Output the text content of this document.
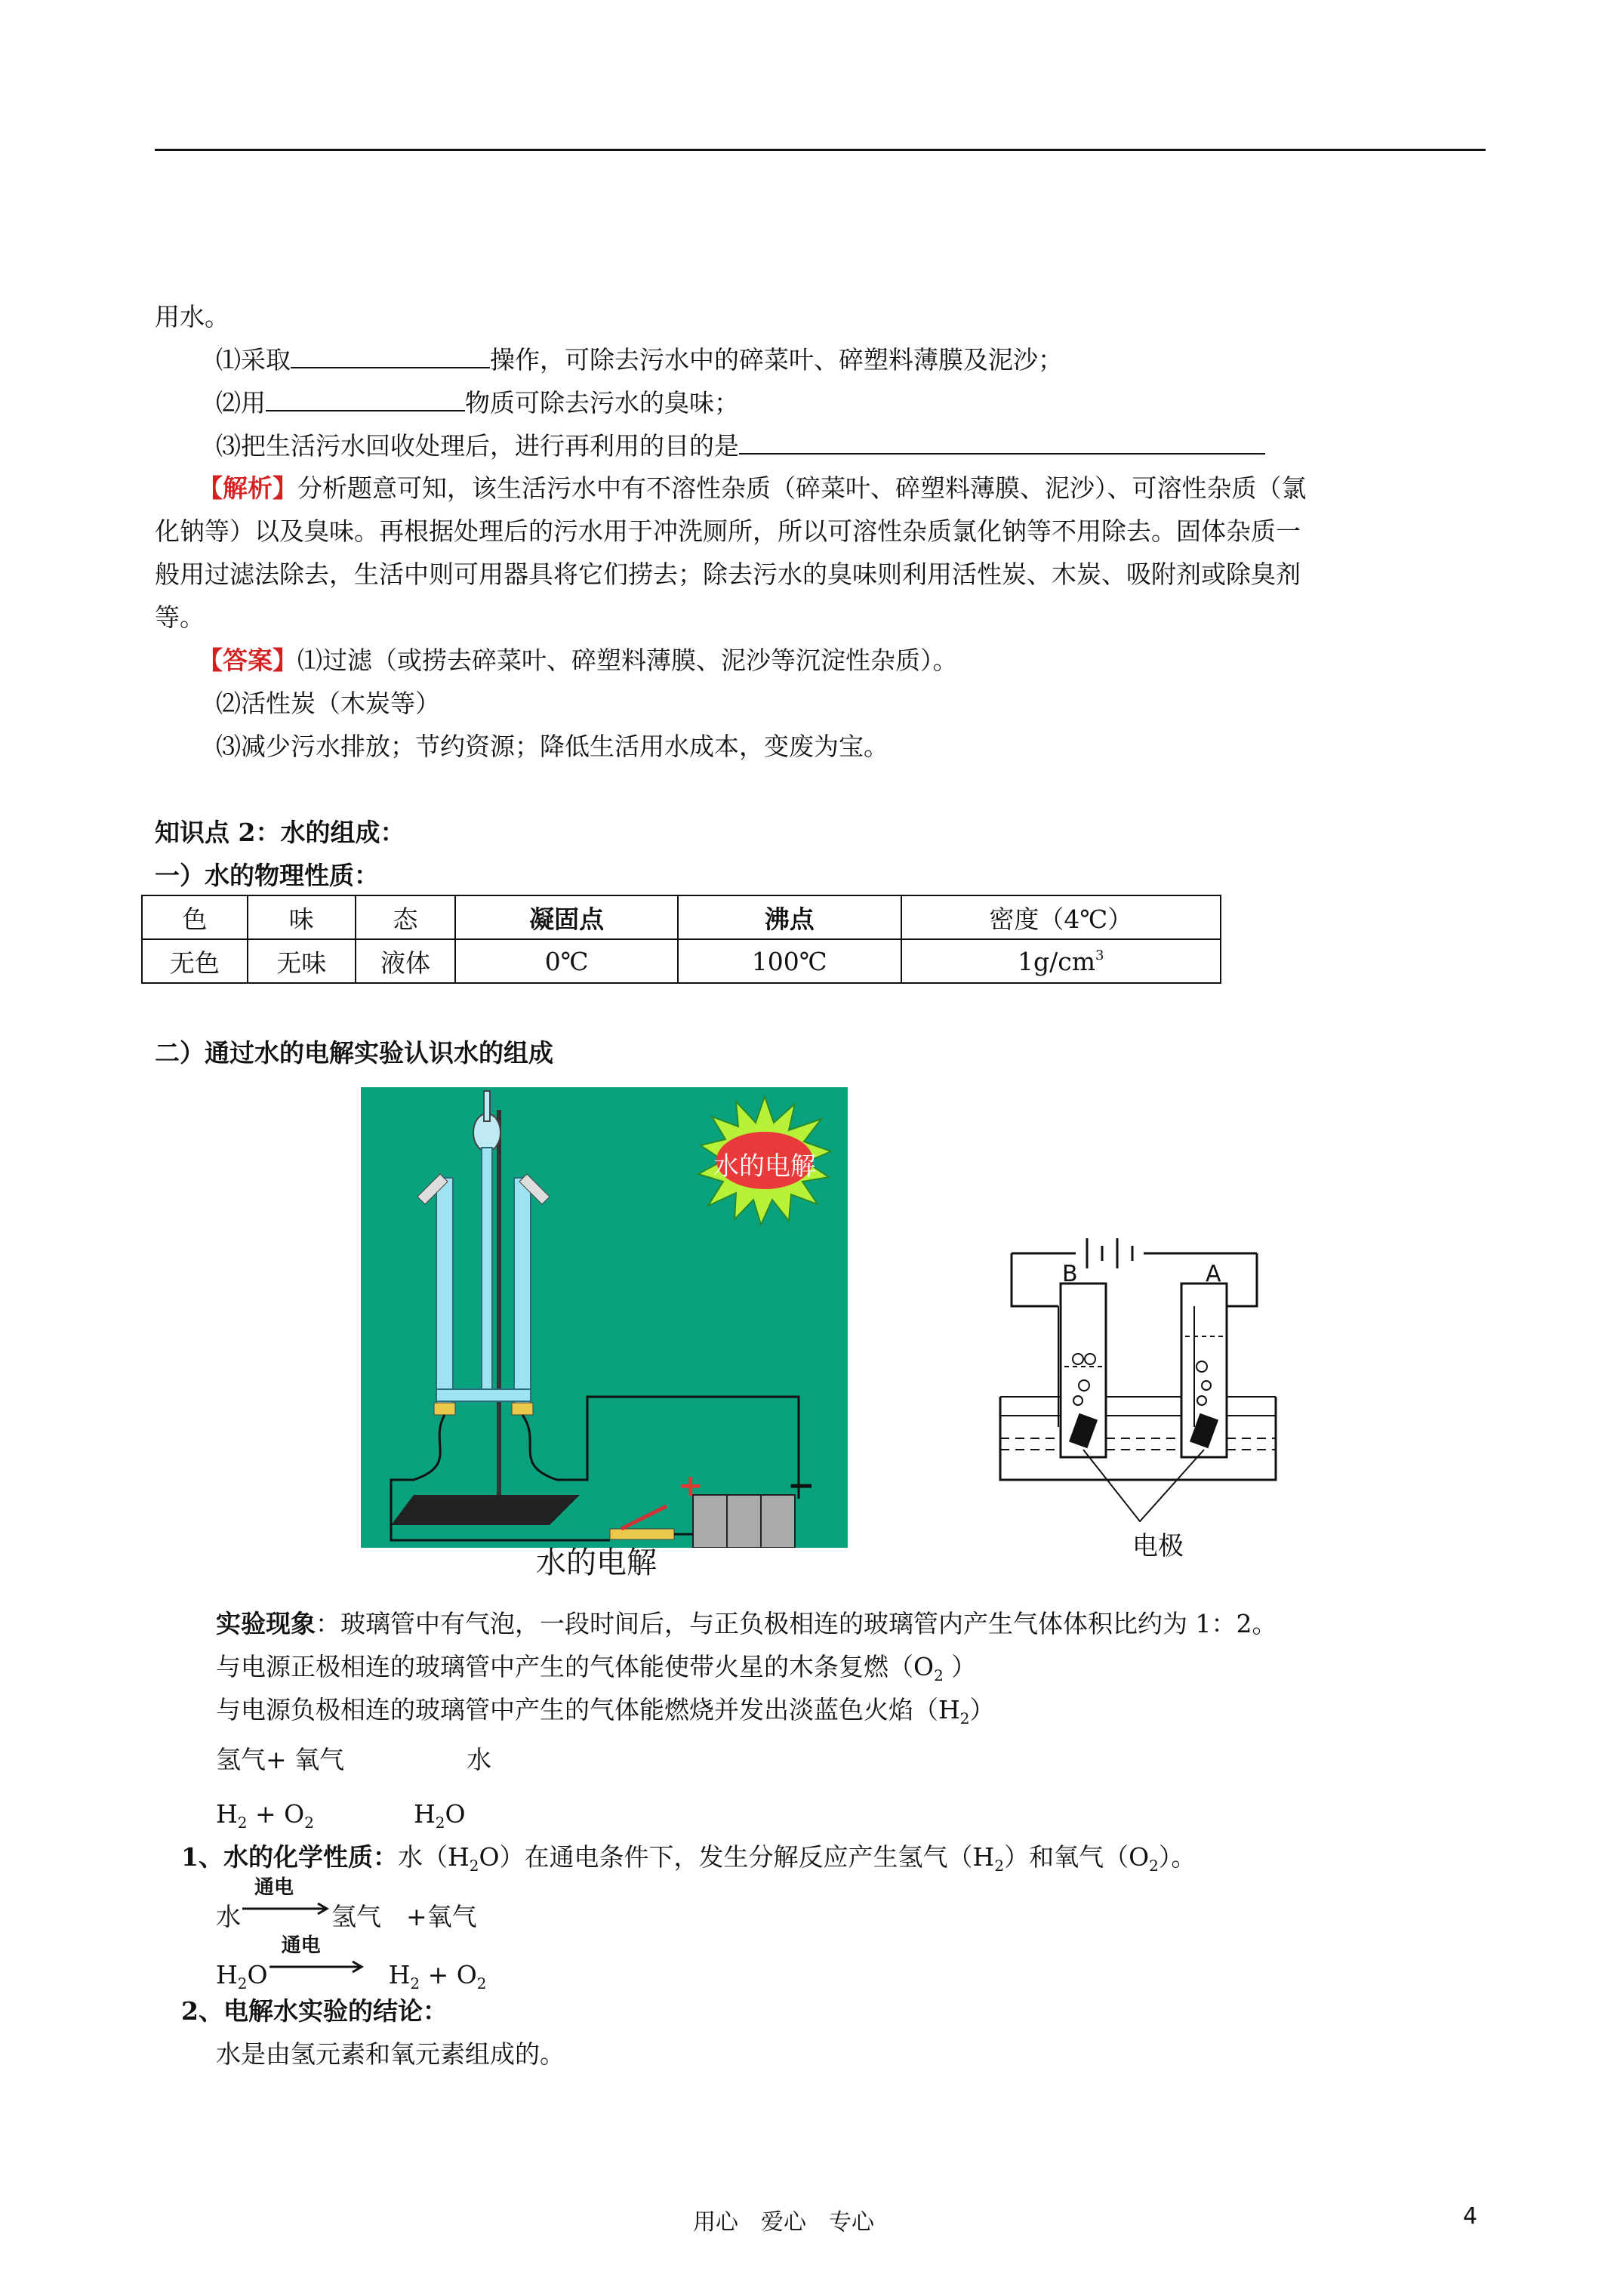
用水。
⑴采取	操作，可除去污水中的碎菜叶、碎塑料薄膜及泥沙；
⑵用	物质可除去污水的臭味；
⑶把生活污水回收处理后，进行再利用的目的是
【解析】分析题意可知，该生活污水中有不溶性杂质（碎菜叶、碎塑料薄膜、泥沙）、可溶性杂质（氯
化钠等）以及臭味。再根据处理后的污水用于冲洗厕所，所以可溶性杂质氯化钠等不用除去。固体杂质一
般用过滤法除去，生活中则可用器具将它们捞去；除去污水的臭味则利用活性炭、木炭、吸附剂或除臭剂
等。
【答案】⑴过滤（或捞去碎菜叶、碎塑料薄膜、泥沙等沉淀性杂质）。
⑵活性炭（木炭等）
⑶减少污水排放；节约资源；降低生活用水成本，变废为宝。
知识点 2：水的组成：
一）水的物理性质：
色	味	态	凝固点	沸点	密度（4℃）
无色	无味	液体	0℃	100℃	$1g/cm^3$
二）通过水的电解实验认识水的组成
水的电解
+	−
水的电解
B	A
电极
实验现象：玻璃管中有气泡，一段时间后，与正负极相连的玻璃管内产生气体体积比约为 1：2。
与电源正极相连的玻璃管中产生的气体能使带火星的木条复燃（$O_2$ ）
与电源负极相连的玻璃管中产生的气体能燃烧并发出淡蓝色火焰$(H_2)$
氢气+ 氧气	水
$H_2 + O_2$	$H_2O$
1、水的化学性质：水$(H_2O)$在通电条件下，发生分解反应产生氢气$(H_2)$和氧气$(O_2)$。
水
通电
氢气　+氧气
$H_2O$
通电
$H_2 + O_2$
2、电解水实验的结论：
水是由氢元素和氧元素组成的。
用心　爱心　专心	4
